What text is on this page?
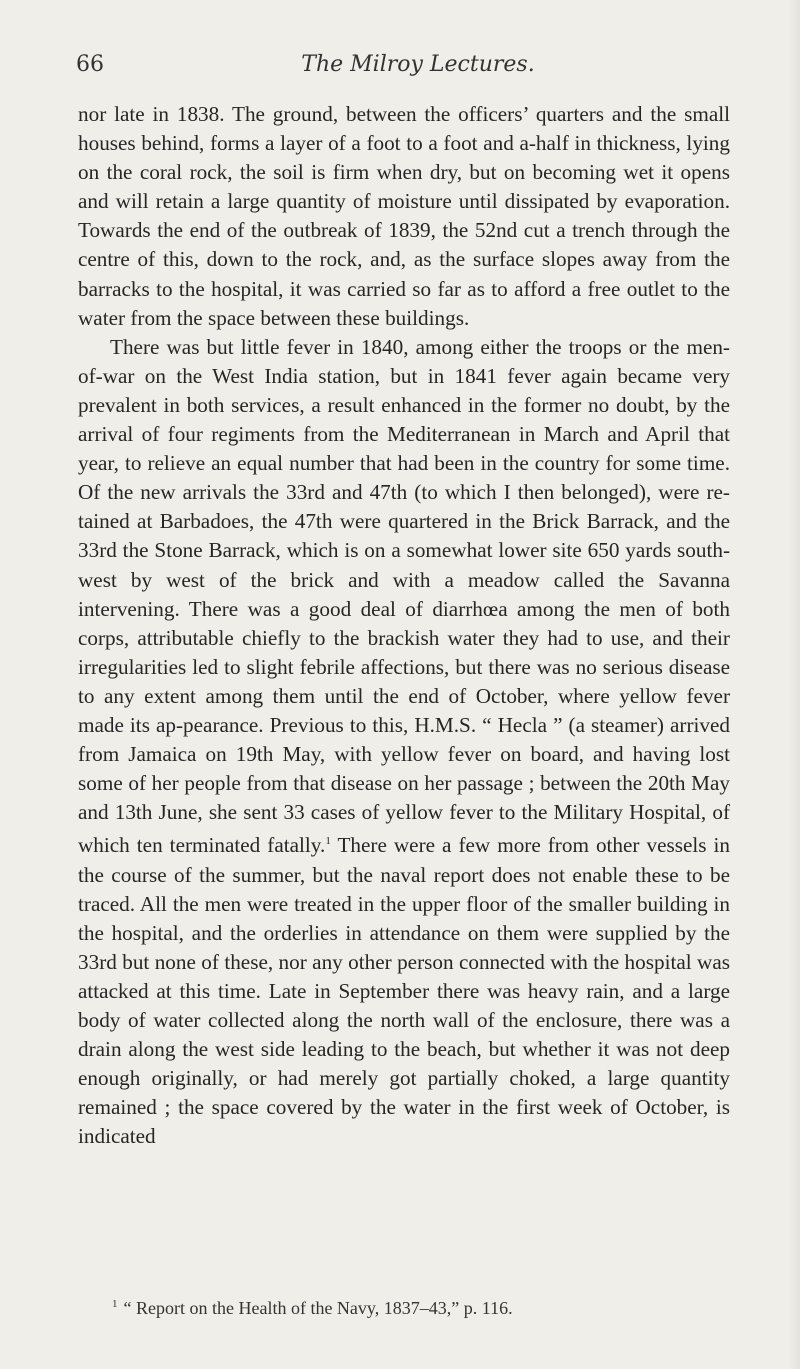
66	The Milroy Lectures.

nor late in 1838. The ground, between the officers’ quarters and the small houses behind, forms a layer of a foot to a foot and a-half in thickness, lying on the coral rock, the soil is firm when dry, but on becoming wet it opens and will retain a large quantity of moisture until dissipated by evaporation. Towards the end of the outbreak of 1839, the 52nd cut a trench through the centre of this, down to the rock, and, as the surface slopes away from the barracks to the hospital, it was carried so far as to afford a free outlet to the water from the space between these buildings.

There was but little fever in 1840, among either the troops or the men-of-war on the West India station, but in 1841 fever again became very prevalent in both services, a result enhanced in the former no doubt, by the arrival of four regiments from the Mediterranean in March and April that year, to relieve an equal number that had been in the country for some time. Of the new arrivals the 33rd and 47th (to which I then belonged), were re-tained at Barbadoes, the 47th were quartered in the Brick Barrack, and the 33rd the Stone Barrack, which is on a somewhat lower site 650 yards south-west by west of the brick and with a meadow called the Savanna intervening. There was a good deal of diarrhœa among the men of both corps, attributable chiefly to the brackish water they had to use, and their irregularities led to slight febrile affections, but there was no serious disease to any extent among them until the end of October, where yellow fever made its ap-pearance. Previous to this, H.M.S. “ Hecla ” (a steamer) arrived from Jamaica on 19th May, with yellow fever on board, and having lost some of her people from that disease on her passage ; between the 20th May and 13th June, she sent 33 cases of yellow fever to the Military Hospital, of which ten terminated fatally.$^1$ There were a few more from other vessels in the course of the summer, but the naval report does not enable these to be traced. All the men were treated in the upper floor of the smaller building in the hospital, and the orderlies in attendance on them were supplied by the 33rd but none of these, nor any other person connected with the hospital was attacked at this time. Late in September there was heavy rain, and a large body of water collected along the north wall of the enclosure, there was a drain along the west side leading to the beach, but whether it was not deep enough originally, or had merely got partially choked, a large quantity remained ; the space covered by the water in the first week of October, is indicated

$^1$ “ Report on the Health of the Navy, 1837–43,” p. 116.
